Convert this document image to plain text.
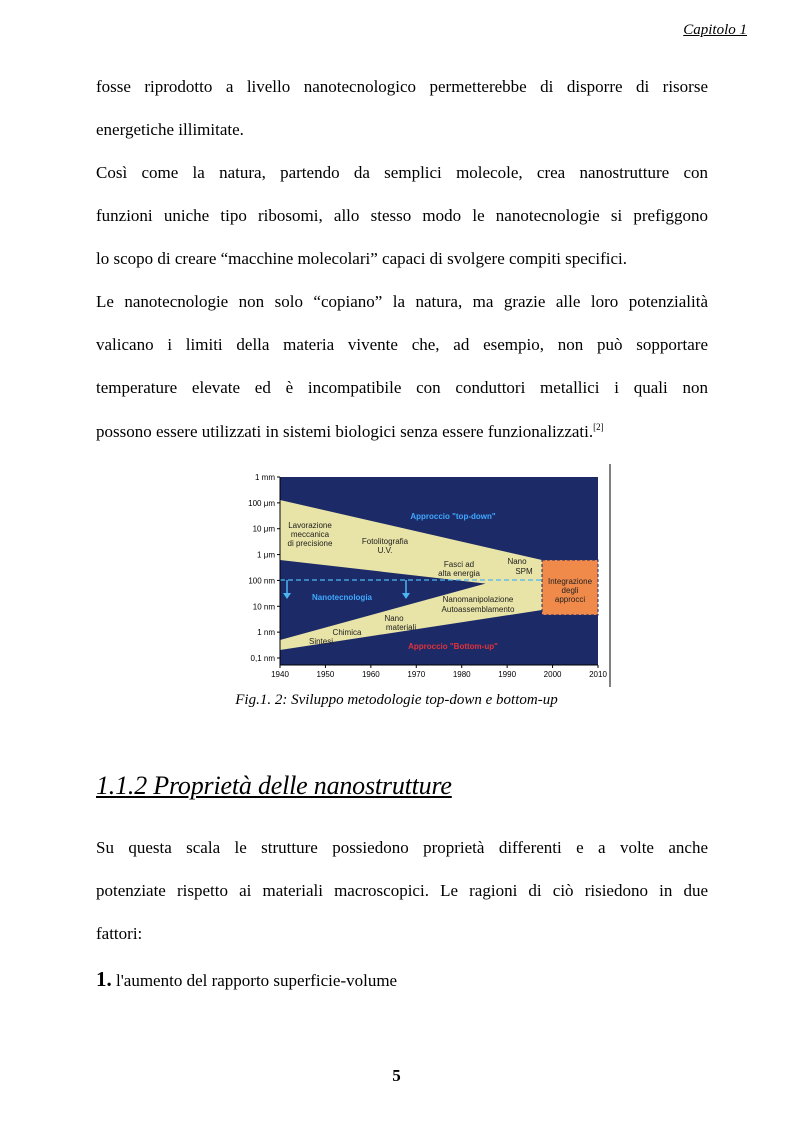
Capitolo 1

fosse riprodotto a livello nanotecnologico permetterebbe di disporre di risorse

energetiche illimitate.

Così come la natura, partendo da semplici molecole, crea nanostrutture con

funzioni uniche tipo ribosomi, allo stesso modo le nanotecnologie si prefiggono

lo scopo di creare “macchine molecolari” capaci di svolgere compiti specifici.

Le nanotecnologie non solo “copiano” la natura, ma grazie alle loro potenzialità

valicano i limiti della materia vivente che, ad esempio, non può sopportare

temperature elevate ed è incompatibile con conduttori metallici i quali non

possono essere utilizzati in sistemi biologici senza essere funzionalizzati.[2]

1 mm
100 μm
10 μm
1 μm
100 nm
10 nm
1 nm
0,1 nm
1940	1950	1960	1970	1980	1990	2000	2010
Approccio "top-down"
Approccio "Bottom-up"
Nanotecnologia
Lavorazione meccanica di precisione	Fotolitografia U.V.
Fasci ad alta energia
Nano SPM
Nanomanipolazione Autoassemblamento
Nano materiali
Chimica
Sintesi
Integrazione degli approcci
Fig.1. 2: Sviluppo metodologie top-down e bottom-up
1.1.2 Proprietà delle nanostrutture

Su questa scala le strutture possiedono proprietà differenti e a volte anche

potenziate rispetto ai materiali macroscopici. Le ragioni di ciò risiedono in due

fattori:

1. l'aumento del rapporto superficie-volume
5
